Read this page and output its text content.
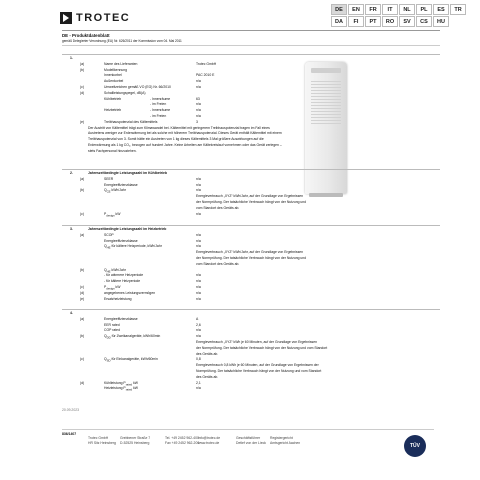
TROTEC
DE	EN	FR	IT	NL	PL	ES	TR
DA	FI	PT	RO	SV	CS	HU
DE - Produktdatenblatt
gemäß Delegierter Verordnung (EU) Nr. 626/2011 der Kommission vom 04. Mai 2011
1.
(a)	Name des Lieferanten	Trotec GmbH
(b)	Modellkennung
Innenkorbel	PAC 2010 E
Außenkorbel	n/a
(c)	Umweltzeichen gemäß VO (EG) Nr. 66/2010	n/a
(d)	Schallleistungspegel, dB(A)
Kühlbetrieb	- Innenräume	63
- im Freien	n/a
Heizbetrieb	- Innenräume	n/a
- im Freien	n/a
(e)	Treibhauspotenzial des Kältemittels	3
Der Austritt von Kältemittel trägt zum Klimawandel bei. Kältemittel mit geringerem Treibhauspotenzial tragen im Fall eines
Austretens weniger zur Erderwärmung bei als solche mit höherem Treibhauspotenzial. Dieses Gerät enthält Kältemittel mit einem
Treibhauspotenzial von 3. Somit hätte ein Austreten von 1 kg dieses Kältemittels 3 Mal größere Auswirkungen auf die
Erderwärmung als 1 kg CO₂, bezogen auf hundert Jahre. Keine Arbeiten am Kältekreislauf vornehmen oder das Gerät zerlegen –
stets Fachpersonal hinzuziehen.
2.	Jahreszeitbedingte Leistungszahl im Kühlbetrieb
(a)	SEER	n/a
Energieeffizienzklasse	n/a
(b)	$Q_{CE}$ kWh/Jahr	n/a
Energieverbrauch „XYZ“ kWh/Jahr, auf der Grundlage von Ergebnissen
der Normprüfung. Der tatsächliche Verbrauch hängt von der Nutzung und
vom Standort des Geräts ab.
(c)	$P_{design}$ kW	n/a
3.	Jahreszeitbedingte Leistungszahl im Heizbetrieb
(a)	SCOP	n/a
Energieeffizienzklasse	n/a
$Q_{HE}$ für kältere Heizperiode, kWh/Jahr	n/a
Energieverbrauch „XYZ“ kWh/Jahr, auf der Grundlage von Ergebnissen
der Normprüfung. Der tatsächliche Verbrauch hängt von der Nutzung und
vom Standort des Geräts ab.
(b)	$Q_{HE}$ kWh/Jahr
- für wärmere Heizperiode	n/a
- für kältere Heizperiode	n/a
(c)	$P_{design}$ kW	n/a
(d)	angegebenes Leistungsvermögen	n/a
(e)	Ersatzheizleistung	n/a
4.
(a)	Energieeffizienzklasse	A
EER rated	2,6
COP rated	n/a
(b)	$Q_{DD}$ für Zweikanalgeräte, kWh/60min	n/a
Energieverbrauch „XYZ“ kWh je 60 Minuten, auf der Grundlage von Ergebnissen
der Normprüfung. Der tatsächliche Verbrauch hängt von der Nutzung und vom Standort
des Geräts ab.
(c)	$Q_{SD}$ für Einkanalgeräte, kWh/60min	0,8
Energieverbrauch 0,8 kWh je 60 Minuten, auf der Grundlage von Ergebnissen der
Normprüfung. Der tatsächliche Verbrauch hängt von der Nutzung und vom Standort
des Geräts ab.
(d)	Kühlleistung $P_{rated}$ kW	2,1
Heizleistung $P_{rated}$ kW	n/a
20.09.2023
836/1407
Trotec GmbH
HR Sitz Heinsberg
Grebbener Straße 7
D-52525 Heinsberg
Tel. +49 2452 962-400
Fax +49 2452 962-200
info@trotec.de
www.trotec.de
Geschäftsführer
Detlef von der Lieck
Registergericht
Amtsgericht Aachen	TÜV
